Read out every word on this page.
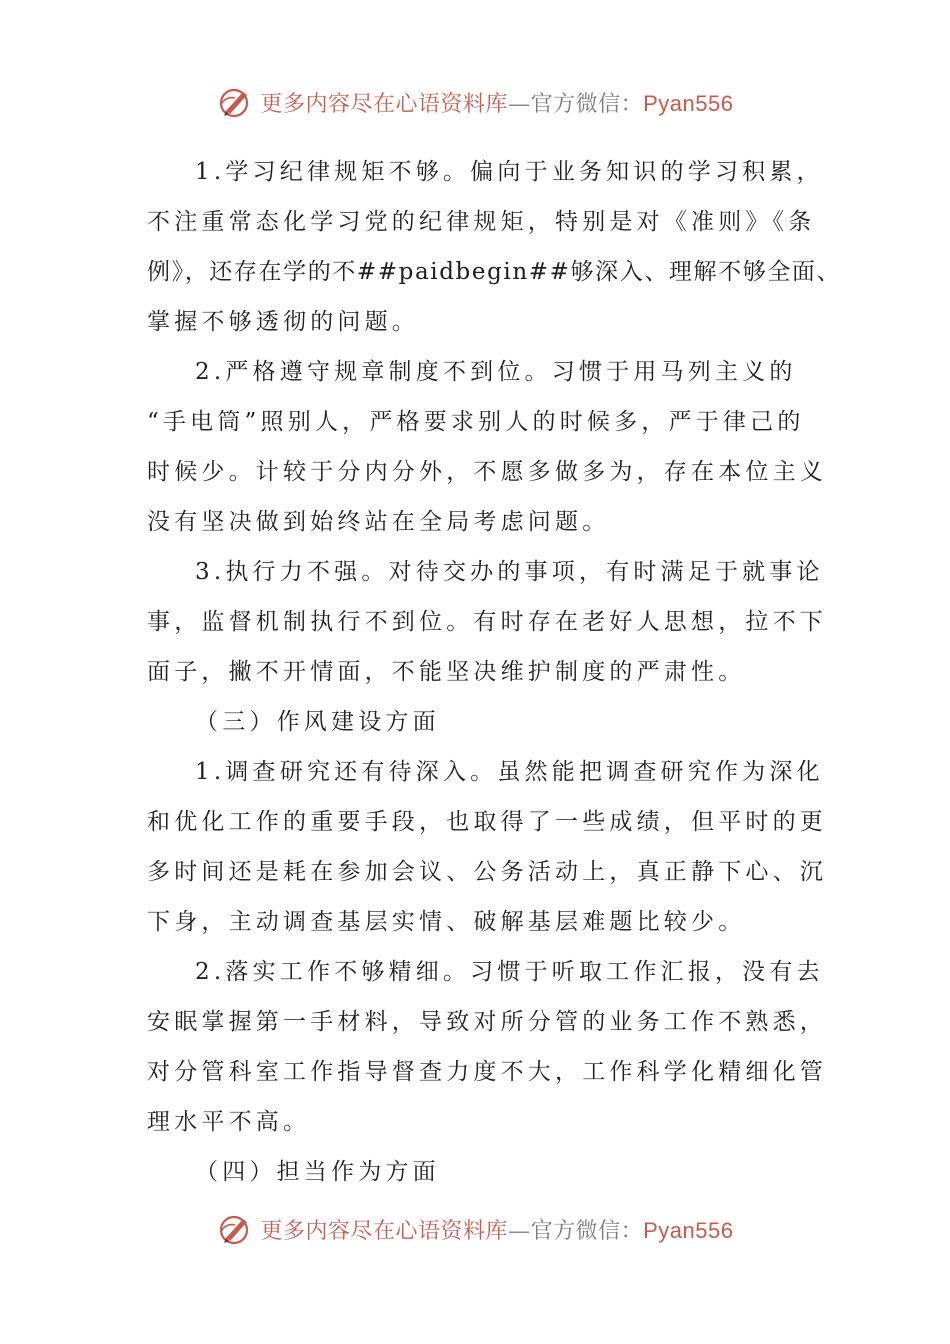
更多内容尽在心语资料库—官方微信：Pyan556
1.学习纪律规矩不够。偏向于业务知识的学习积累，
不注重常态化学习党的纪律规矩，特别是对《准则》《条
例》，还存在学的不##paidbegin##够深入、理解不够全面、
掌握不够透彻的问题。
2.严格遵守规章制度不到位。习惯于用马列主义的
“手电筒”照别人，严格要求别人的时候多，严于律己的
时候少。计较于分内分外，不愿多做多为，存在本位主义
没有坚决做到始终站在全局考虑问题。
3.执行力不强。对待交办的事项，有时满足于就事论
事，监督机制执行不到位。有时存在老好人思想，拉不下
面子，撇不开情面，不能坚决维护制度的严肃性。
（三）作风建设方面
1.调查研究还有待深入。虽然能把调查研究作为深化
和优化工作的重要手段，也取得了一些成绩，但平时的更
多时间还是耗在参加会议、公务活动上，真正静下心、沉
下身，主动调查基层实情、破解基层难题比较少。
2.落实工作不够精细。习惯于听取工作汇报，没有去
安眠掌握第一手材料，导致对所分管的业务工作不熟悉，
对分管科室工作指导督查力度不大，工作科学化精细化管
理水平不高。
（四）担当作为方面
更多内容尽在心语资料库—官方微信：Pyan556
